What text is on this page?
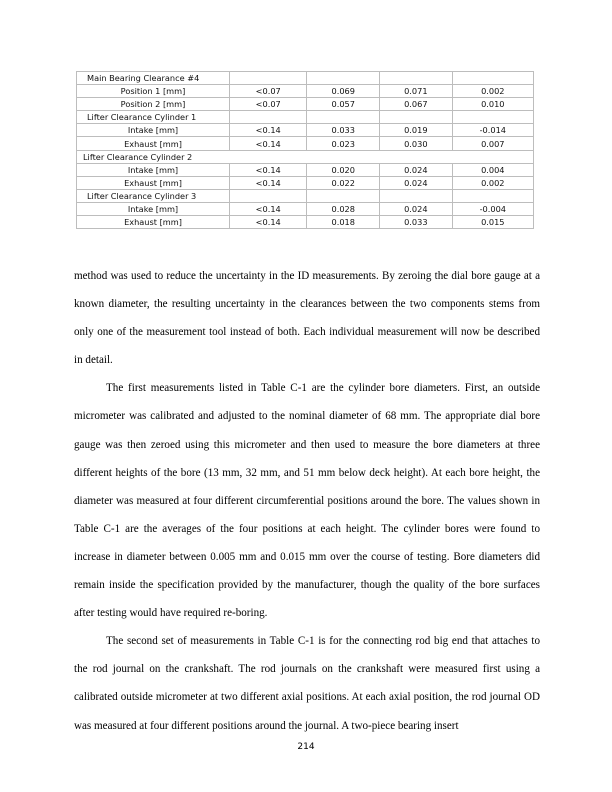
Main Bearing Clearance #4				
Position 1 [mm]	<0.07	0.069	0.071	0.002
Position 2 [mm]	<0.07	0.057	0.067	0.010
Lifter Clearance Cylinder 1				
Intake [mm]	<0.14	0.033	0.019	-0.014
Exhaust [mm]	<0.14	0.023	0.030	0.007
Lifter Clearance Cylinder 2				
Intake [mm]	<0.14	0.020	0.024	0.004
Exhaust [mm]	<0.14	0.022	0.024	0.002
Lifter Clearance Cylinder 3				
Intake [mm]	<0.14	0.028	0.024	-0.004
Exhaust [mm]	<0.14	0.018	0.033	0.015

method was used to reduce the uncertainty in the ID measurements. By zeroing the dial bore gauge at a known diameter, the resulting uncertainty in the clearances between the two components stems from only one of the measurement tool instead of both. Each individual measurement will now be described in detail.

The first measurements listed in Table C-1 are the cylinder bore diameters. First, an outside micrometer was calibrated and adjusted to the nominal diameter of 68 mm. The appropriate dial bore gauge was then zeroed using this micrometer and then used to measure the bore diameters at three different heights of the bore (13 mm, 32 mm, and 51 mm below deck height). At each bore height, the diameter was measured at four different circumferential positions around the bore. The values shown in Table C-1 are the averages of the four positions at each height. The cylinder bores were found to increase in diameter between 0.005 mm and 0.015 mm over the course of testing. Bore diameters did remain inside the specification provided by the manufacturer, though the quality of the bore surfaces after testing would have required re-boring.

The second set of measurements in Table C-1 is for the connecting rod big end that attaches to the rod journal on the crankshaft. The rod journals on the crankshaft were measured first using a calibrated outside micrometer at two different axial positions. At each axial position, the rod journal OD was measured at four different positions around the journal. A two-piece bearing insert

214
